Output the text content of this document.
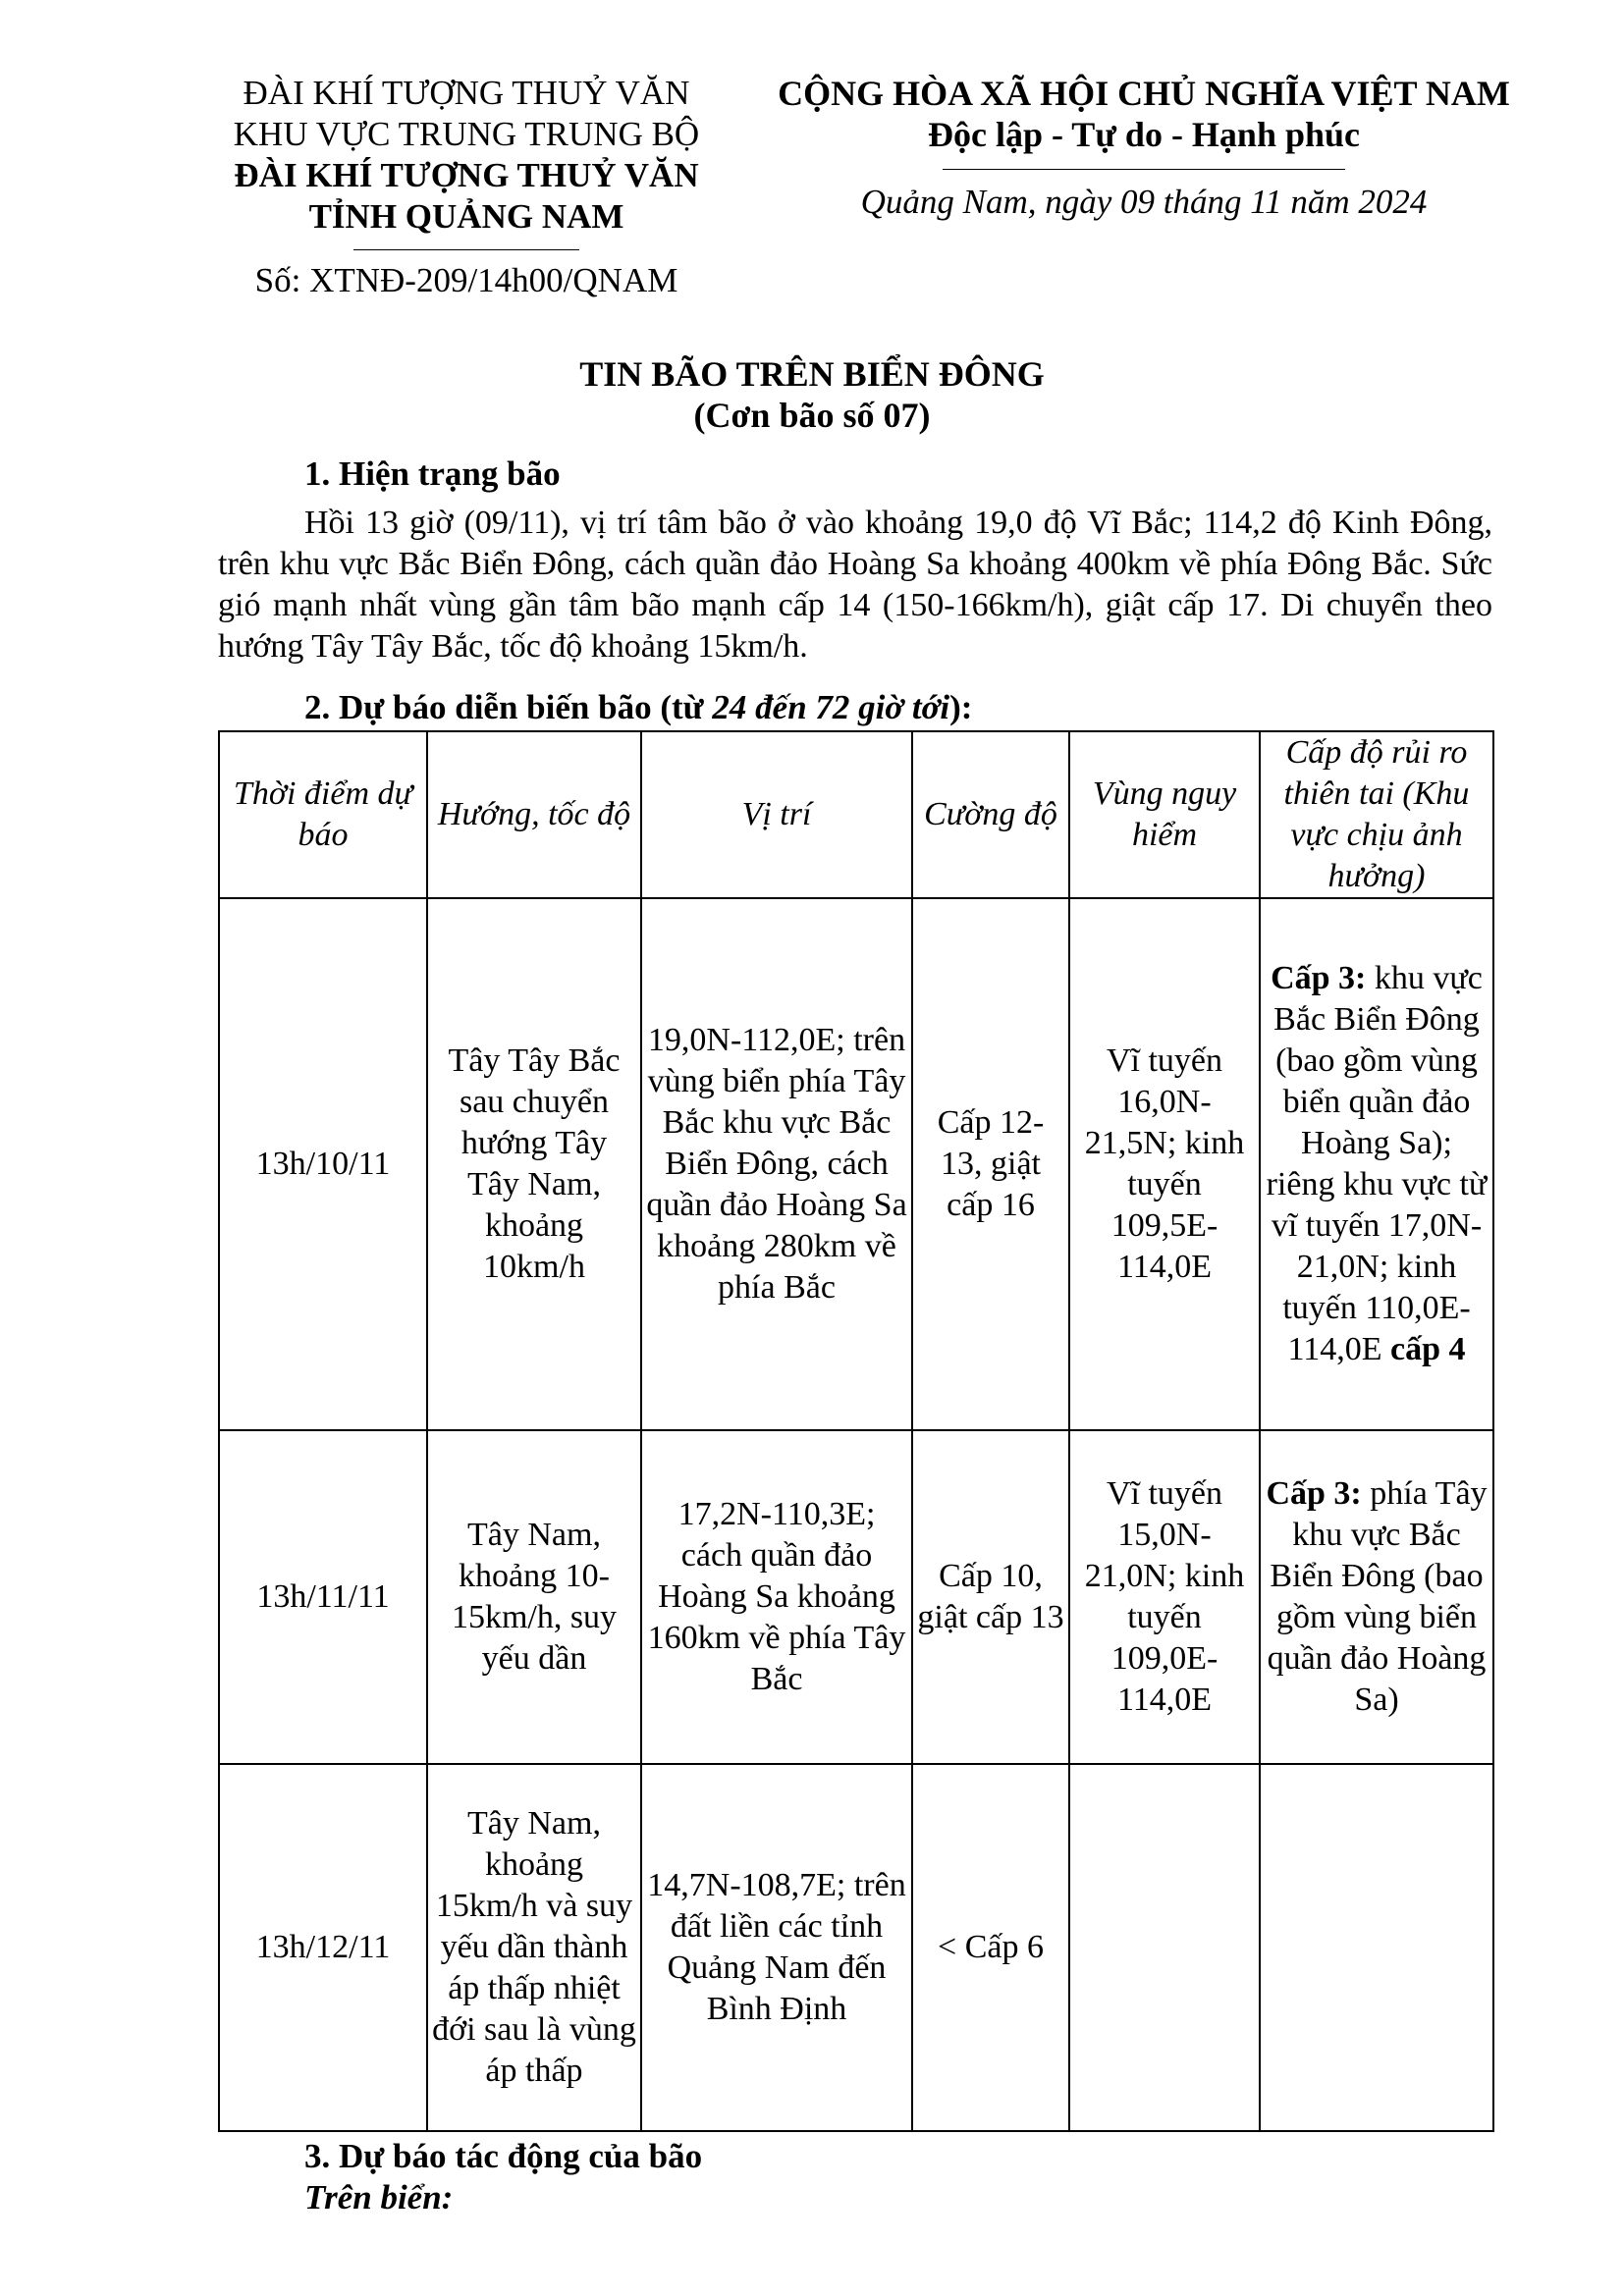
ĐÀI KHÍ TƯỢNG THUỶ VĂN
KHU VỰC TRUNG TRUNG BỘ
ĐÀI KHÍ TƯỢNG THUỶ VĂN
TỈNH QUẢNG NAM
Số: XTNĐ-209/14h00/QNAM
CỘNG HÒA XÃ HỘI CHỦ NGHĨA VIỆT NAM
Độc lập - Tự do - Hạnh phúc
Quảng Nam, ngày 09 tháng 11 năm 2024
TIN BÃO TRÊN BIỂN ĐÔNG
(Cơn bão số 07)
1. Hiện trạng bão
Hồi 13 giờ (09/11), vị trí tâm bão ở vào khoảng 19,0 độ Vĩ Bắc; 114,2 độ Kinh Đông, trên khu vực Bắc Biển Đông, cách quần đảo Hoàng Sa khoảng 400km về phía Đông Bắc. Sức gió mạnh nhất vùng gần tâm bão mạnh cấp 14 (150-166km/h), giật cấp 17. Di chuyển theo hướng Tây Tây Bắc, tốc độ khoảng 15km/h.
2. Dự báo diễn biến bão (từ 24 đến 72 giờ tới):
Thời điểm dự báo	Hướng, tốc độ	Vị trí	Cường độ	Vùng nguy hiểm	Cấp độ rủi ro thiên tai (Khu vực chịu ảnh hưởng)
13h/10/11	Tây Tây Bắc sau chuyển hướng Tây Tây Nam, khoảng 10km/h	19,0N-112,0E; trên vùng biển phía Tây Bắc khu vực Bắc Biển Đông, cách quần đảo Hoàng Sa khoảng 280km về phía Bắc	Cấp 12-13, giật cấp 16	Vĩ tuyến 16,0N-21,5N; kinh tuyến 109,5E-114,0E	Cấp 3: khu vực Bắc Biển Đông (bao gồm vùng biển quần đảo Hoàng Sa); riêng khu vực từ vĩ tuyến 17,0N-21,0N; kinh tuyến 110,0E-114,0E cấp 4
13h/11/11	Tây Nam, khoảng 10-15km/h, suy yếu dần	17,2N-110,3E; cách quần đảo Hoàng Sa khoảng 160km về phía Tây Bắc	Cấp 10, giật cấp 13	Vĩ tuyến 15,0N-21,0N; kinh tuyến 109,0E-114,0E	Cấp 3: phía Tây khu vực Bắc Biển Đông (bao gồm vùng biển quần đảo Hoàng Sa)
13h/12/11	Tây Nam, khoảng 15km/h và suy yếu dần thành áp thấp nhiệt đới sau là vùng áp thấp	14,7N-108,7E; trên đất liền các tỉnh Quảng Nam đến Bình Định	< Cấp 6		
3. Dự báo tác động của bão
Trên biển:
